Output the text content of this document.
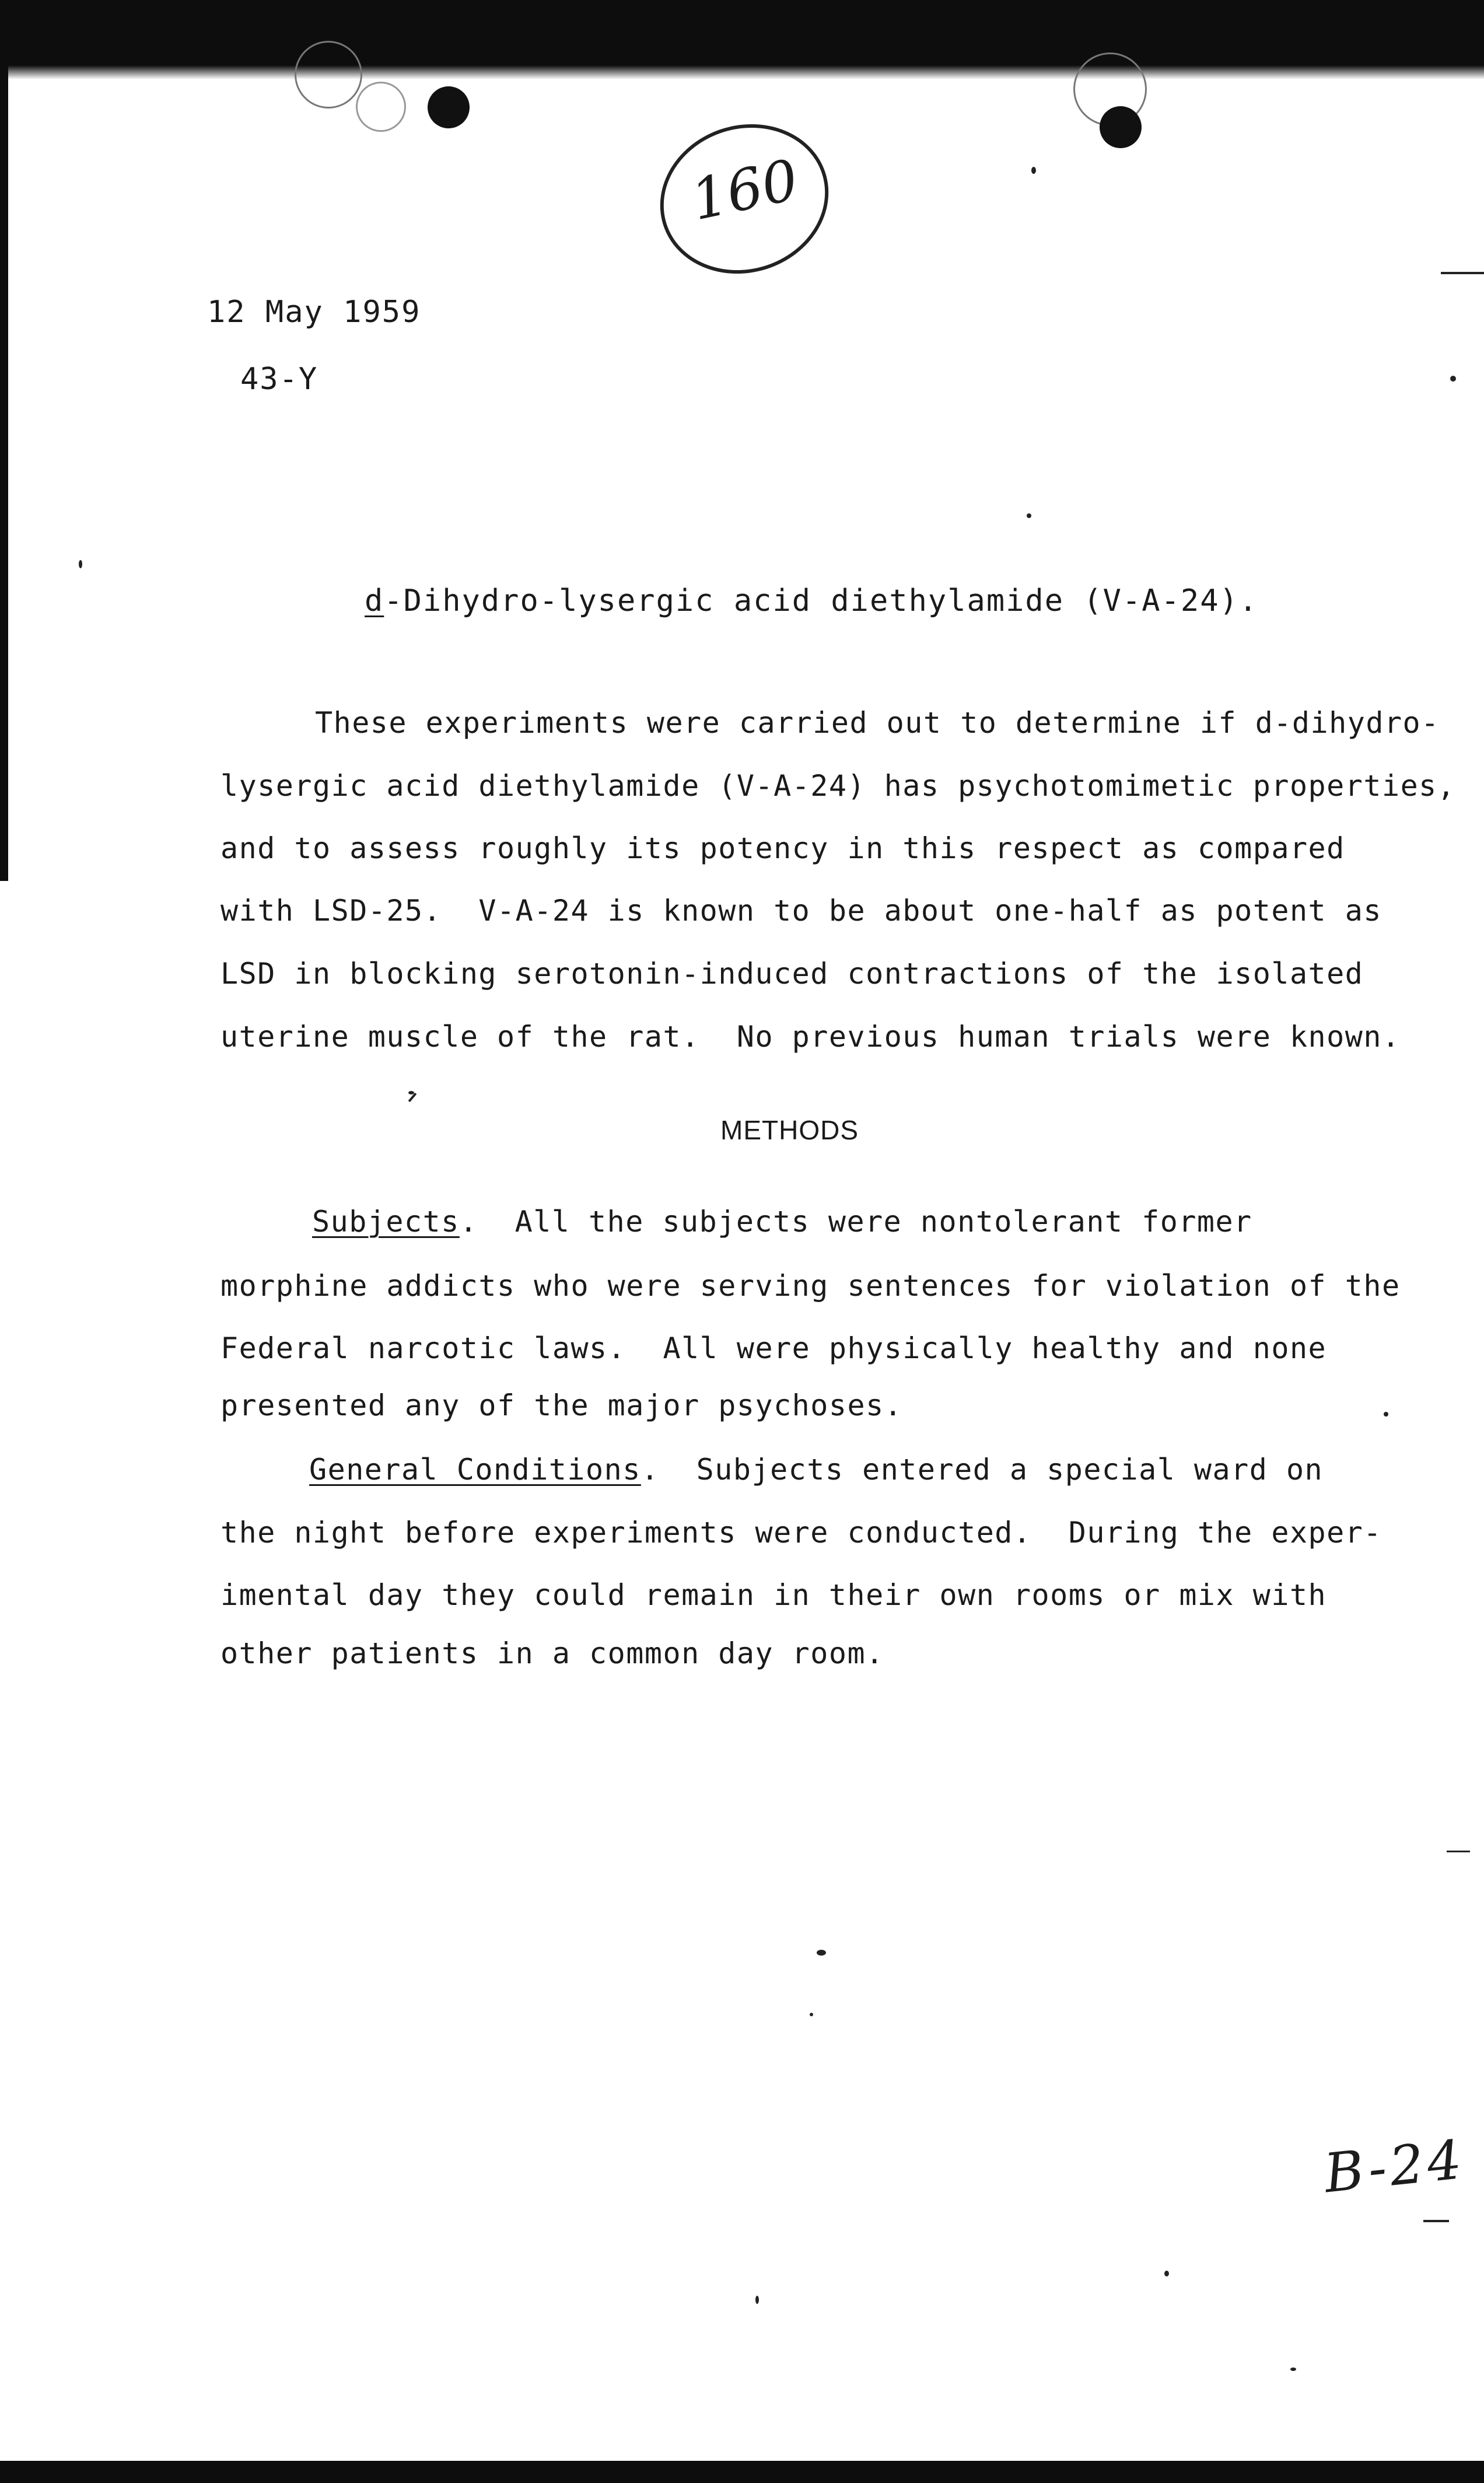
160
12 May 1959
43-Y
d-Dihydro-lysergic acid diethylamide (V-A-24).
These experiments were carried out to determine if d-dihydro-
lysergic acid diethylamide (V-A-24) has psychotomimetic properties,
and to assess roughly its potency in this respect as compared
with LSD-25.  V-A-24 is known to be about one-half as potent as
LSD in blocking serotonin-induced contractions of the isolated
uterine muscle of the rat.  No previous human trials were known.
METHODS
Subjects.  All the subjects were nontolerant former
morphine addicts who were serving sentences for violation of the
Federal narcotic laws.  All were physically healthy and none
presented any of the major psychoses.
General Conditions.  Subjects entered a special ward on
the night before experiments were conducted.  During the exper-
imental day they could remain in their own rooms or mix with
other patients in a common day room.
B-24
